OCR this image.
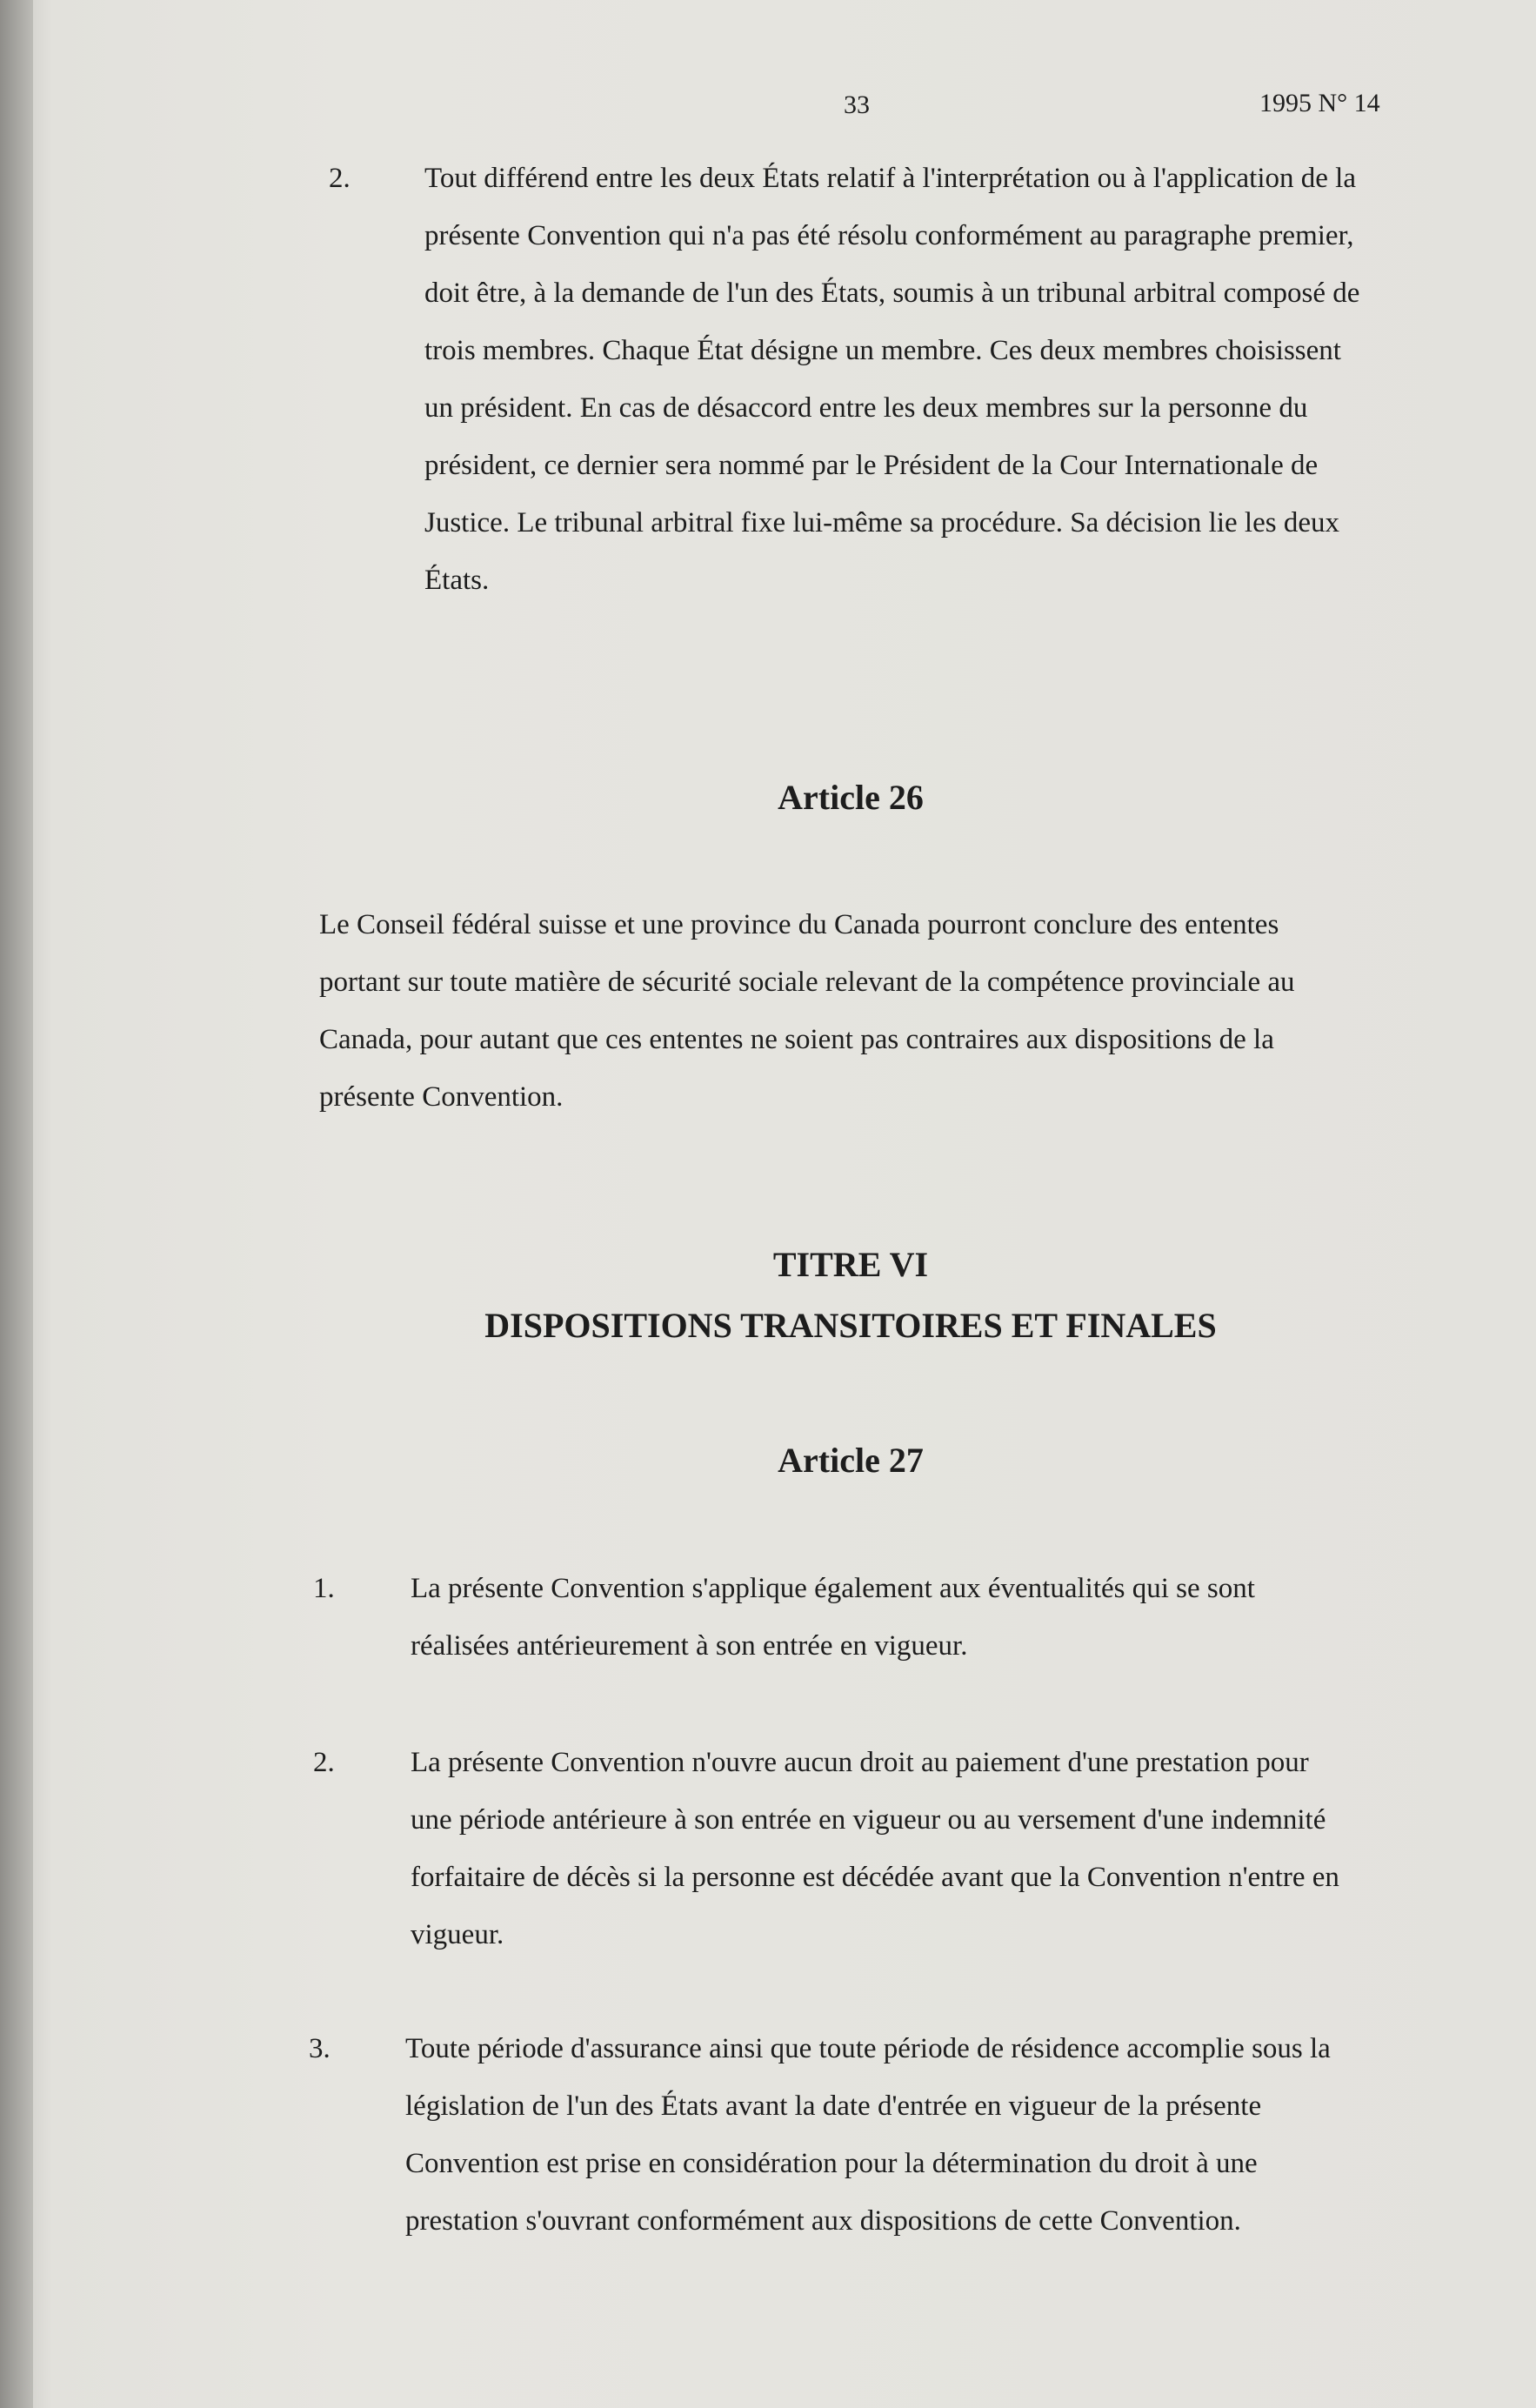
33	1995 N° 14
2.	Tout différend entre les deux États relatif à l'interprétation ou à l'application de la présente Convention qui n'a pas été résolu conformément au paragraphe premier, doit être, à la demande de l'un des États, soumis à un tribunal arbitral composé de trois membres. Chaque État désigne un membre. Ces deux membres choisissent un président. En cas de désaccord entre les deux membres sur la personne du président, ce dernier sera nommé par le Président de la Cour Internationale de Justice. Le tribunal arbitral fixe lui-même sa procédure. Sa décision lie les deux États.

Article 26

Le Conseil fédéral suisse et une province du Canada pourront conclure des ententes portant sur toute matière de sécurité sociale relevant de la compétence provinciale au Canada, pour autant que ces ententes ne soient pas contraires aux dispositions de la présente Convention.

TITRE VI
DISPOSITIONS TRANSITOIRES ET FINALES
Article 27
1.	La présente Convention s'applique également aux éventualités qui se sont réalisées antérieurement à son entrée en vigueur.

2.	La présente Convention n'ouvre aucun droit au paiement d'une prestation pour une période antérieure à son entrée en vigueur ou au versement d'une indemnité forfaitaire de décès si la personne est décédée avant que la Convention n'entre en vigueur.

3.	Toute période d'assurance ainsi que toute période de résidence accomplie sous la législation de l'un des États avant la date d'entrée en vigueur de la présente Convention est prise en considération pour la détermination du droit à une prestation s'ouvrant conformément aux dispositions de cette Convention.
